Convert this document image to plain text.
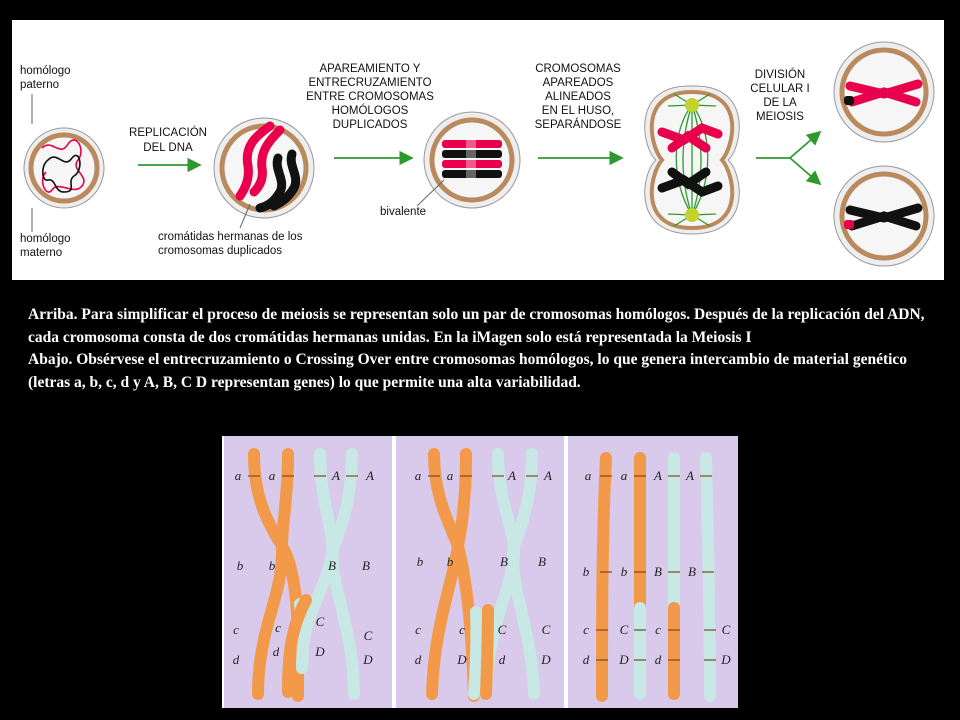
homólogo
paterno
homólogo
materno
REPLICACIÓN
DEL DNA
cromátidas hermanas de los
cromosomas duplicados
APAREAMIENTO Y
ENTRECRUZAMIENTO
ENTRE CROMOSOMAS
HOMÓLOGOS
DUPLICADOS
bivalente
CROMOSOMAS
APAREADOS
ALINEADOS
EN EL HUSO,
SEPARÁNDOSE
DIVISIÓN
CELULAR I
DE LA
MEIOSIS

Arriba. Para simplificar el proceso de meiosis se representan solo un par de cromosomas homólogos. Después de la replicación del ADN, cada cromosoma consta de dos cromátidas hermanas unidas. En la iMagen solo está representada la Meiosis I

Abajo. Obsérvese el entrecruzamiento o Crossing Over entre cromosomas homólogos, lo que genera intercambio de material genético (letras a, b, c, d y A, B, C D representan genes) lo que permite una alta variabilidad.

a
b
c
d
a
b
c
d
A
B
C
D
A
B
C
D
a
b
c
d
a
b
c
D
A
B
C
d
A
B
C
D
a
b
c
d
a
b
C
D
A
B
c
d
A
B
C
D
